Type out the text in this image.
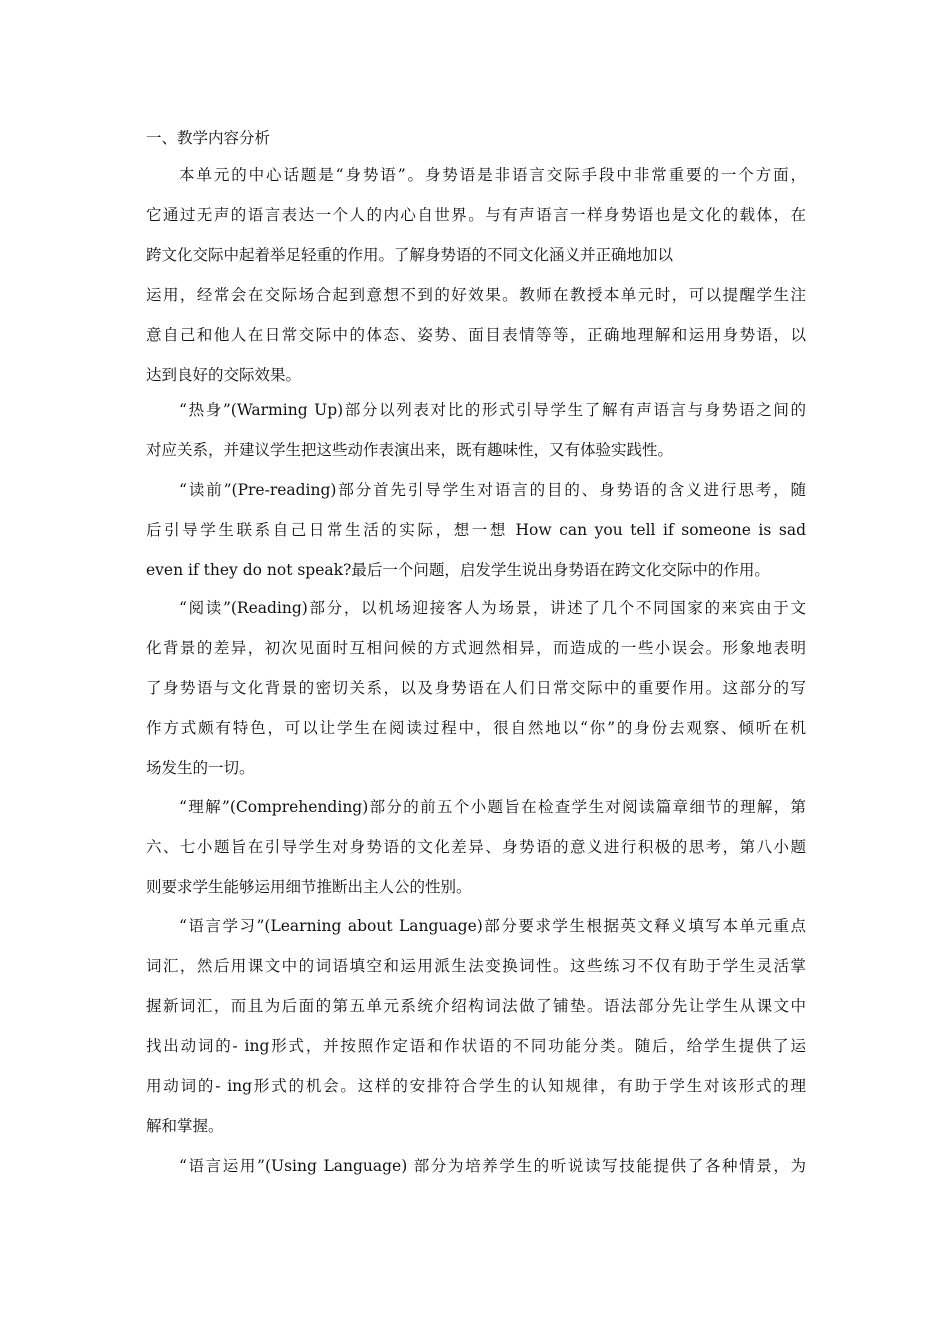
一、教学内容分析

本单元的中心话题是“身势语”。身势语是非语言交际手段中非常重要的一个方面，

它通过无声的语言表达一个人的内心自世界。与有声语言一样身势语也是文化的载体，在

跨文化交际中起着举足轻重的作用。了解身势语的不同文化涵义并正确地加以

运用，经常会在交际场合起到意想不到的好效果。教师在教授本单元时，可以提醒学生注

意自己和他人在日常交际中的体态、姿势、面目表情等等，正确地理解和运用身势语，以

达到良好的交际效果。

“热身”(Warming Up)部分以列表对比的形式引导学生了解有声语言与身势语之间的

对应关系，并建议学生把这些动作表演出来，既有趣味性，又有体验实践性。

“读前”(Pre-reading)部分首先引导学生对语言的目的、身势语的含义进行思考，随

后引导学生联系自己日常生活的实际，想一想 How can you tell if someone is sad

even if they do not speak?最后一个问题，启发学生说出身势语在跨文化交际中的作用。

“阅读”(Reading)部分，以机场迎接客人为场景，讲述了几个不同国家的来宾由于文

化背景的差异，初次见面时互相问候的方式迥然相异，而造成的一些小误会。形象地表明

了身势语与文化背景的密切关系，以及身势语在人们日常交际中的重要作用。这部分的写

作方式颇有特色，可以让学生在阅读过程中，很自然地以“你”的身份去观察、倾听在机

场发生的一切。

“理解”(Comprehending)部分的前五个小题旨在检查学生对阅读篇章细节的理解，第

六、七小题旨在引导学生对身势语的文化差异、身势语的意义进行积极的思考，第八小题

则要求学生能够运用细节推断出主人公的性别。

“语言学习”(Learning about Language)部分要求学生根据英文释义填写本单元重点

词汇，然后用课文中的词语填空和运用派生法变换词性。这些练习不仅有助于学生灵活掌

握新词汇，而且为后面的第五单元系统介绍构词法做了铺垫。语法部分先让学生从课文中

找出动词的- ing形式，并按照作定语和作状语的不同功能分类。随后，给学生提供了运

用动词的- ing形式的机会。这样的安排符合学生的认知规律，有助于学生对该形式的理

解和掌握。

“语言运用”(Using Language) 部分为培养学生的听说读写技能提供了各种情景，为
